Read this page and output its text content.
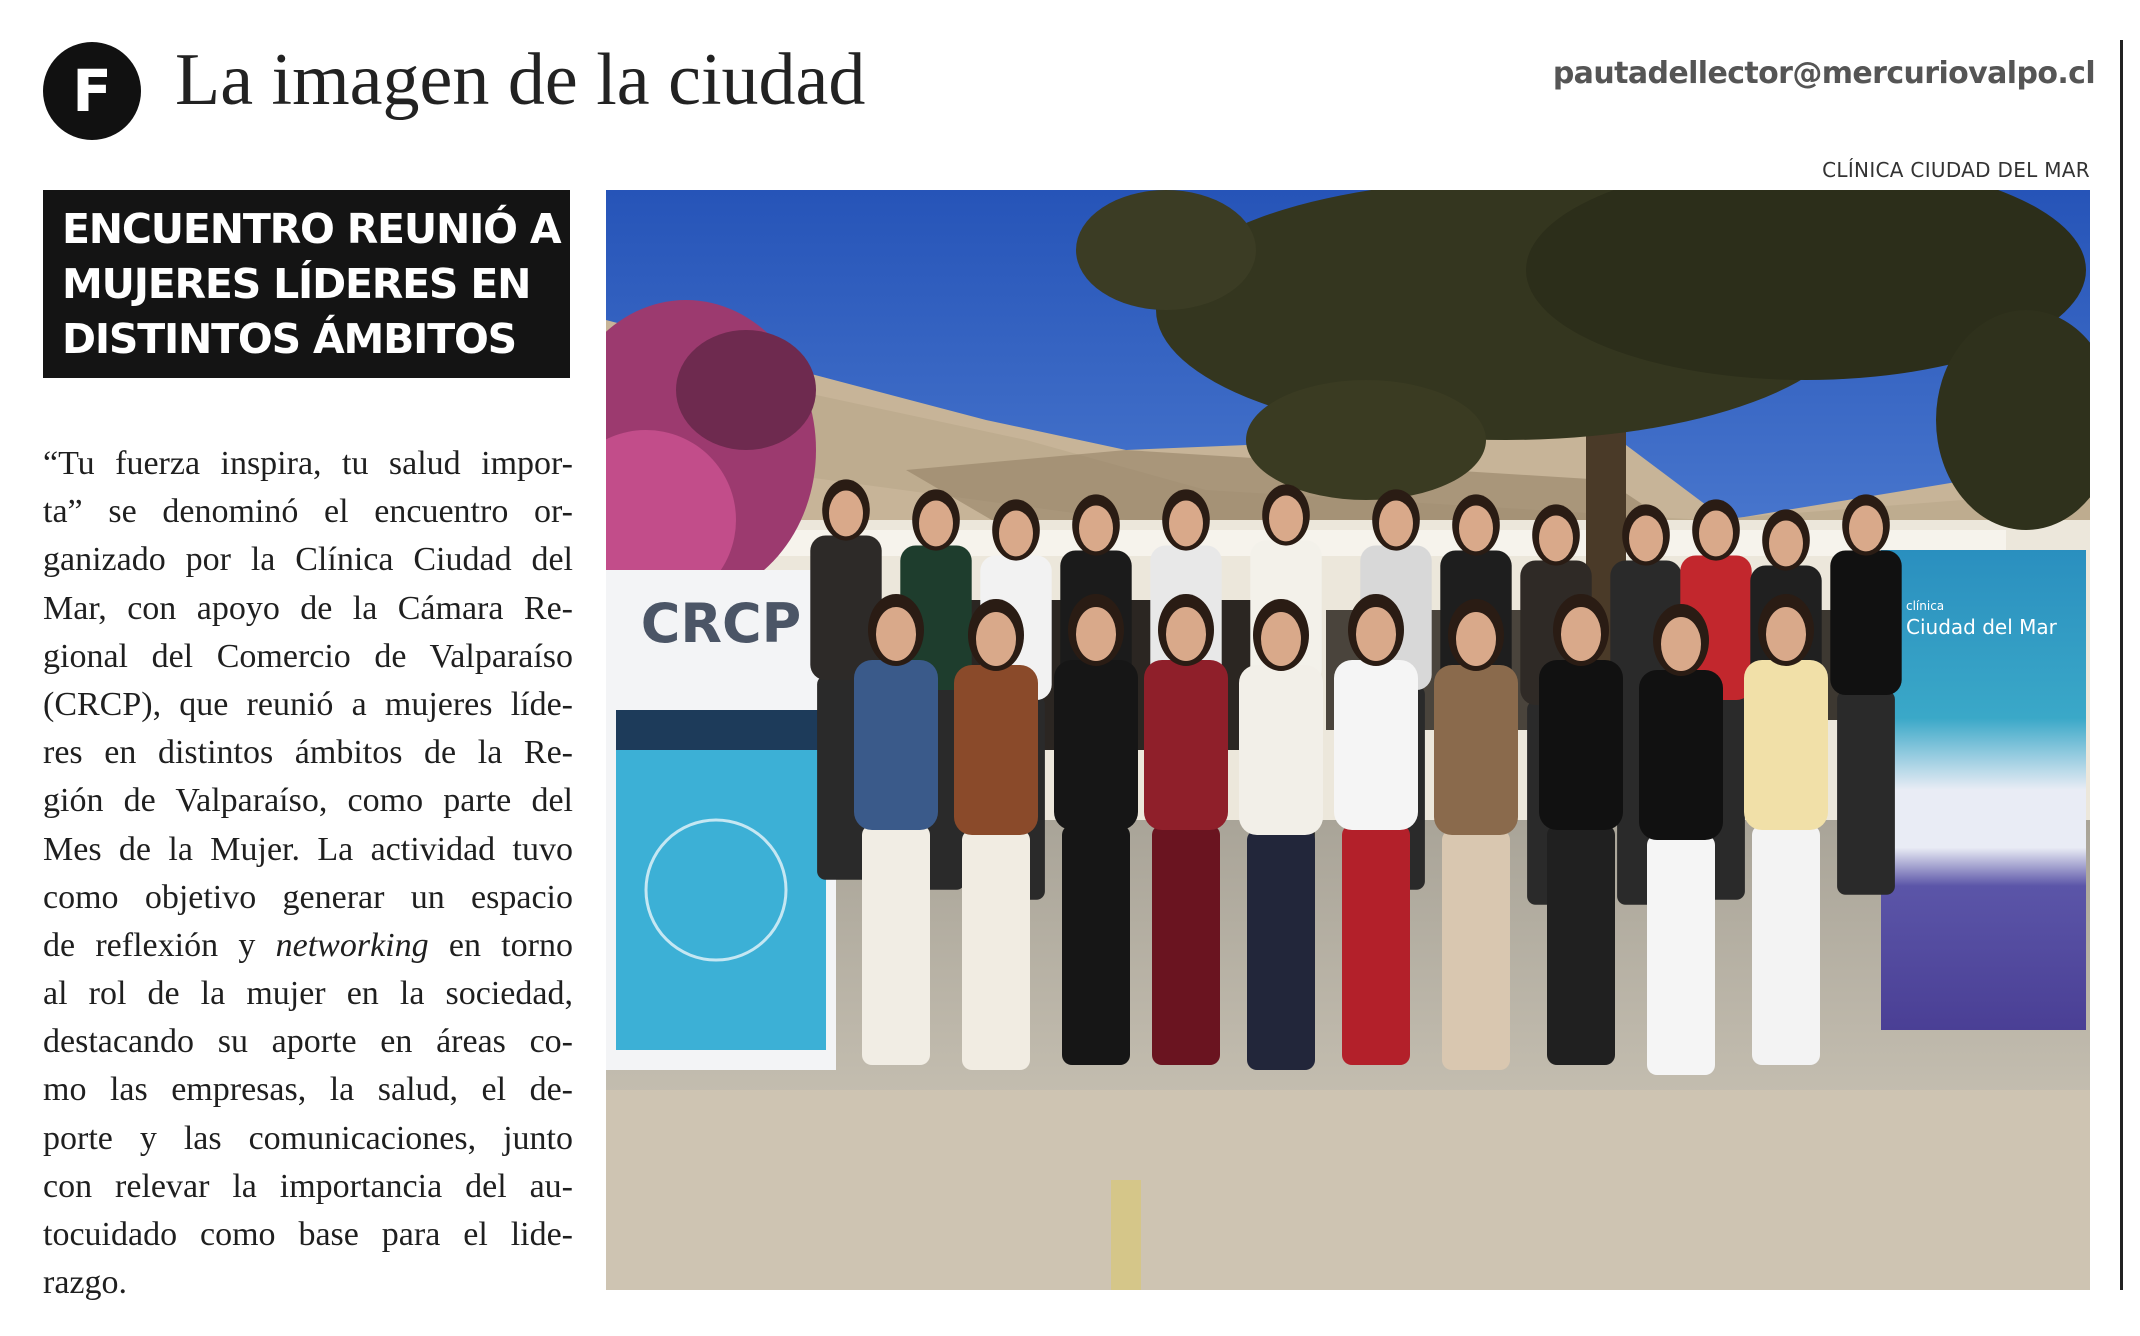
F La imagen de la ciudad	pautadellector@mercuriovalpo.cl
CLÍNICA CIUDAD DEL MAR
ENCUENTRO REUNIÓ A
MUJERES LÍDERES EN
DISTINTOS ÁMBITOS
“Tu fuerza inspira, tu salud impor-
ta” se denominó el encuentro or-
ganizado por la Clínica Ciudad del
Mar, con apoyo de la Cámara Re-
gional del Comercio de Valparaíso
(CRCP), que reunió a mujeres líde-
res en distintos ámbitos de la Re-
gión de Valparaíso, como parte del
Mes de la Mujer. La actividad tuvo
como objetivo generar un espacio
de reflexión y networking en torno
al rol de la mujer en la sociedad,
destacando su aporte en áreas co-
mo las empresas, la salud, el de-
porte y las comunicaciones, junto
con relevar la importancia del au-
tocuidado como base para el lide-
razgo.
CRCP	clínica
Ciudad del Mar
